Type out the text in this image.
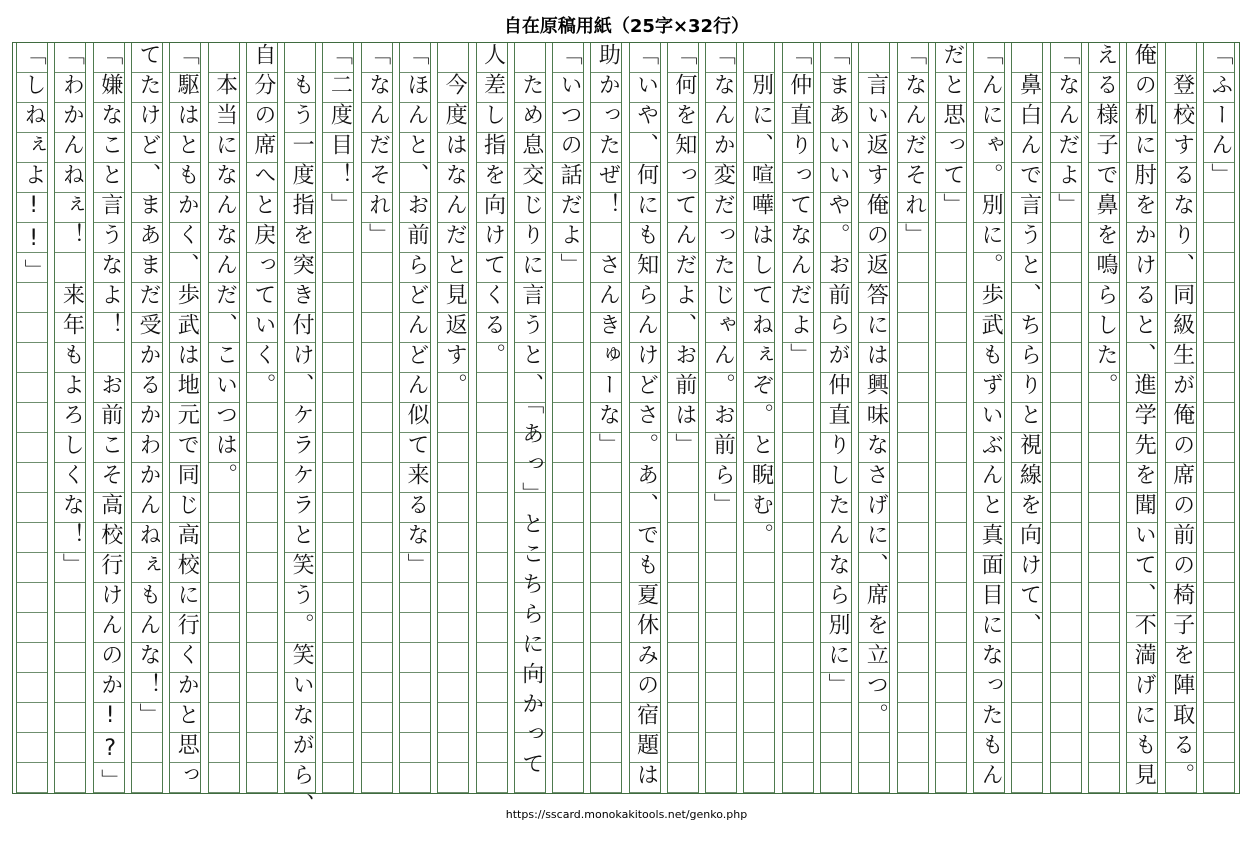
自在原稿用紙（25字×32行）
「ふーん」
　登校するなり、同級生が俺の席の前の椅子を陣取る。
俺の机に肘をかけると、進学先を聞いて、不満げにも見
える様子で鼻を鳴らした。
「なんだよ」
　鼻白んで言うと、ちらりと視線を向けて、
「んにゃ。別に。歩武もずいぶんと真面目になったもん
だと思って」
「なんだそれ」
　言い返す俺の返答には興味なさげに、席を立つ。
「まあいいや。お前らが仲直りしたんなら別に」
「仲直りってなんだよ」
　別に、喧嘩はしてねぇぞ。と睨む。
「なんか変だったじゃん。お前ら」
「何を知ってんだよ、お前は」
「いや、何にも知らんけどさ。あ、でも夏休みの宿題は
助かったぜ！　さんきゅーな」
「いつの話だよ」
　ため息交じりに言うと、「あっ」とこちらに向かって
人差し指を向けてくる。
　今度はなんだと見返す。
「ほんと、お前らどんどん似て来るな」
「なんだそれ」
「二度目！」
　もう一度指を突き付け、ケラケラと笑う。笑いながら、
自分の席へと戻っていく。
　本当になんなんだ、こいつは。
「駆はともかく、歩武は地元で同じ高校に行くかと思っ
てたけど、まあまだ受かるかわかんねぇもんな！」
「嫌なこと言うなよ！　お前こそ高校行けんのか!?」
「わかんねぇ！　来年もよろしくな！」
「しねぇよ!!」
https://sscard.monokakitools.net/genko.php
